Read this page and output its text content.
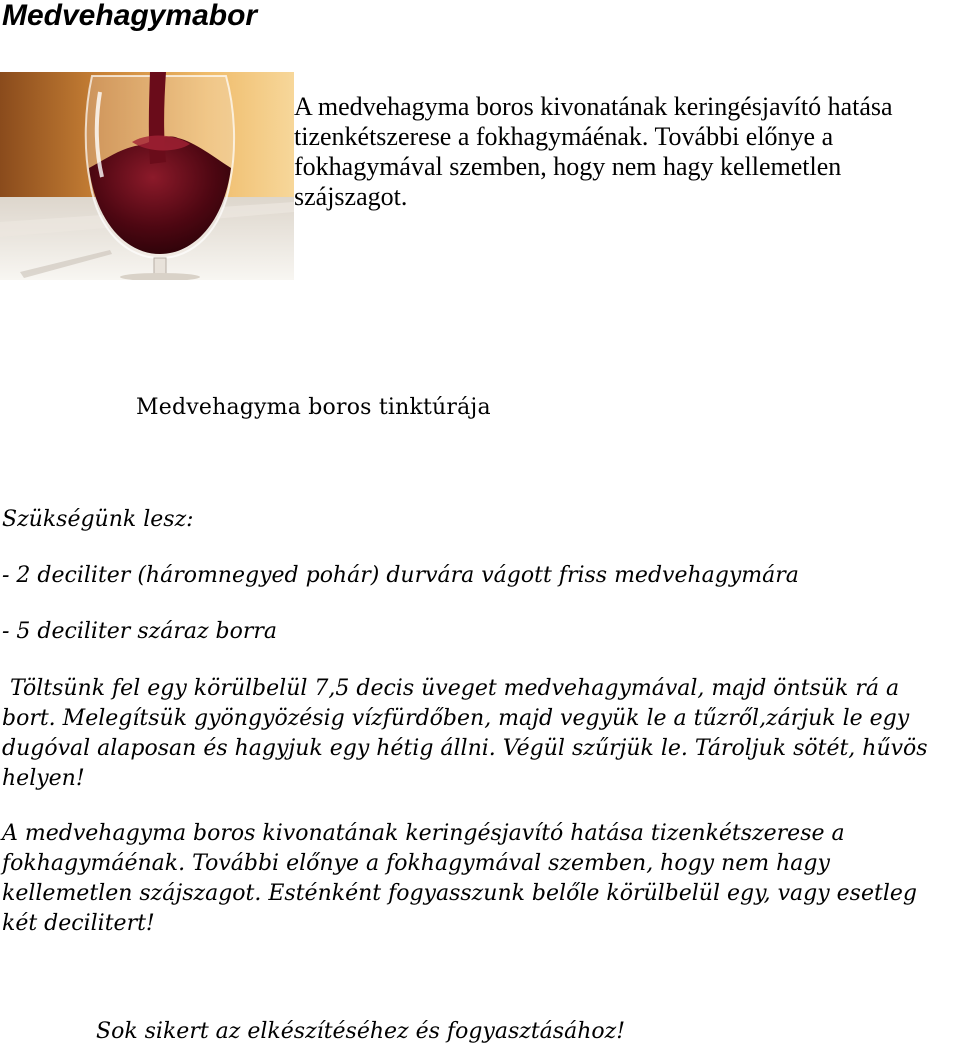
Medvehagymabor
A medvehagyma boros kivonatának keringésjavító hatása tizenkétszerese a fokhagymáénak. További előnye a fokhagymával szemben, hogy nem hagy kellemetlen szájszagot.
Medvehagyma boros tinktúrája
Szükségünk lesz:
- 2 deciliter (háromnegyed pohár) durvára vágott friss medvehagymára
- 5 deciliter száraz borra
Töltsünk fel egy körülbelül 7,5 decis üveget medvehagymával, majd öntsük rá a bort. Melegítsük gyöngyözésig vízfürdőben, majd vegyük le a tűzről,zárjuk le egy dugóval alaposan és hagyjuk egy hétig állni. Végül szűrjük le. Tároljuk sötét, hűvös helyen!
A medvehagyma boros kivonatának keringésjavító hatása tizenkétszerese a fokhagymáénak. További előnye a fokhagymával szemben, hogy nem hagy kellemetlen szájszagot. Esténként fogyasszunk belőle körülbelül egy, vagy esetleg két decilitert!
Sok sikert az elkészítéséhez és fogyasztásához!
